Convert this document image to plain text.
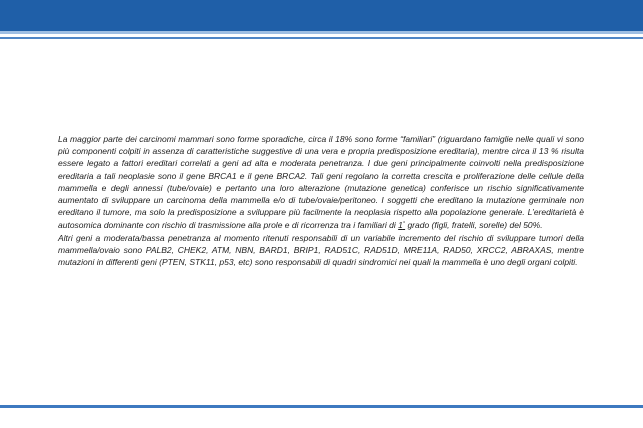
La maggior parte dei carcinomi mammari sono forme sporadiche, circa il 18% sono forme “familiari” (riguardano famiglie nelle quali vi sono più componenti colpiti in assenza di caratteristiche suggestive di una vera e propria predisposizione ereditaria), mentre circa il 13 % risulta essere legato a fattori ereditari correlati a geni ad alta e moderata penetranza. I due geni principalmente coinvolti nella predisposizione ereditaria a tali neoplasie sono il gene BRCA1 e il gene BRCA2. Tali geni regolano la corretta crescita e proliferazione delle cellule della mammella e degli annessi (tube/ovaie) e pertanto una loro alterazione (mutazione genetica) conferisce un rischio significativamente aumentato di sviluppare un carcinoma della mammella e/o di tube/ovaie/peritoneo. I soggetti che ereditano la mutazione germinale non ereditano il tumore, ma solo la predisposizione a sviluppare più facilmente la neoplasia rispetto alla popolazione generale. L’ereditarietà è autosomica dominante con rischio di trasmissione alla prole e di ricorrenza tra i familiari di 1° grado (figli, fratelli, sorelle) del 50%.

Altri geni a moderata/bassa penetranza al momento ritenuti responsabili di un variabile incremento del rischio di sviluppare tumori della mammella/ovaio sono PALB2, CHEK2, ATM, NBN, BARD1, BRIP1, RAD51C, RAD51D, MRE11A, RAD50, XRCC2, ABRAXAS, mentre mutazioni in differenti geni (PTEN, STK11, p53, etc) sono responsabili di quadri sindromici nei quali la mammella è uno degli organi colpiti.
